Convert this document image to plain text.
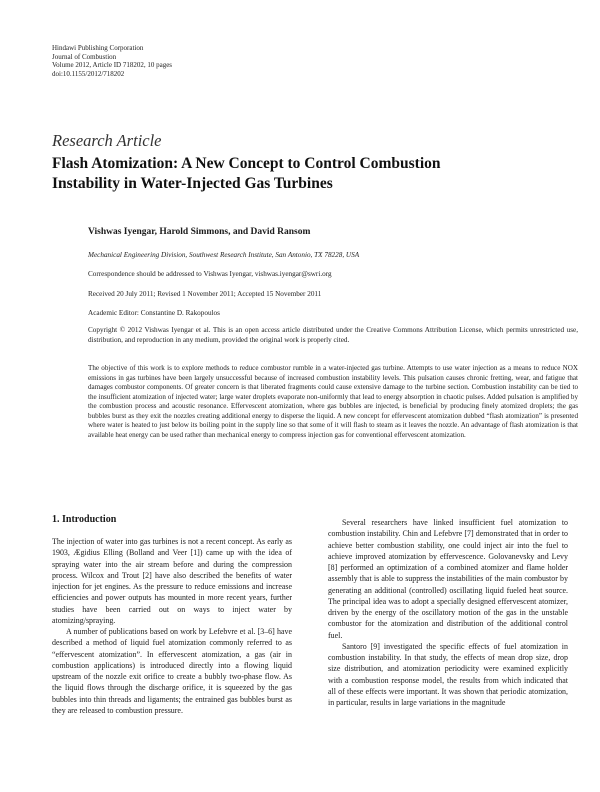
Hindawi Publishing Corporation
Journal of Combustion
Volume 2012, Article ID 718202, 10 pages
doi:10.1155/2012/718202
Research Article
Flash Atomization: A New Concept to Control Combustion
Instability in Water-Injected Gas Turbines
Vishwas Iyengar, Harold Simmons, and David Ransom
Mechanical Engineering Division, Southwest Research Institute, San Antonio, TX 78228, USA
Correspondence should be addressed to Vishwas Iyengar, vishwas.iyengar@swri.org
Received 20 July 2011; Revised 1 November 2011; Accepted 15 November 2011
Academic Editor: Constantine D. Rakopoulos
Copyright © 2012 Vishwas Iyengar et al. This is an open access article distributed under the Creative Commons Attribution License, which permits unrestricted use, distribution, and reproduction in any medium, provided the original work is properly cited.
The objective of this work is to explore methods to reduce combustor rumble in a water-injected gas turbine. Attempts to use water injection as a means to reduce NOX emissions in gas turbines have been largely unsuccessful because of increased combustion instability levels. This pulsation causes chronic fretting, wear, and fatigue that damages combustor components. Of greater concern is that liberated fragments could cause extensive damage to the turbine section. Combustion instability can be tied to the insufficient atomization of injected water; large water droplets evaporate non-uniformly that lead to energy absorption in chaotic pulses. Added pulsation is amplified by the combustion process and acoustic resonance. Effervescent atomization, where gas bubbles are injected, is beneficial by producing finely atomized droplets; the gas bubbles burst as they exit the nozzles creating additional energy to disperse the liquid. A new concept for effervescent atomization dubbed “flash atomization” is presented where water is heated to just below its boiling point in the supply line so that some of it will flash to steam as it leaves the nozzle. An advantage of flash atomization is that available heat energy can be used rather than mechanical energy to compress injection gas for conventional effervescent atomization.
1. Introduction

The injection of water into gas turbines is not a recent concept. As early as 1903, Ægidius Elling (Bolland and Veer [1]) came up with the idea of spraying water into the air stream before and during the compression process. Wilcox and Trout [2] have also described the benefits of water injection for jet engines. As the pressure to reduce emissions and increase efficiencies and power outputs has mounted in more recent years, further studies have been carried out on ways to inject water by atomizing/spraying.

A number of publications based on work by Lefebvre et al. [3–6] have described a method of liquid fuel atomization commonly referred to as “effervescent atomization”. In effervescent atomization, a gas (air in combustion applications) is introduced directly into a flowing liquid upstream of the nozzle exit orifice to create a bubbly two-phase flow. As the liquid flows through the discharge orifice, it is squeezed by the gas bubbles into thin threads and ligaments; the entrained gas bubbles burst as they are released to combustion pressure.

Several researchers have linked insufficient fuel atomization to combustion instability. Chin and Lefebvre [7] demonstrated that in order to achieve better combustion stability, one could inject air into the fuel to achieve improved atomization by effervescence. Golovanevsky and Levy [8] performed an optimization of a combined atomizer and flame holder assembly that is able to suppress the instabilities of the main combustor by generating an additional (controlled) oscillating liquid fueled heat source. The principal idea was to adopt a specially designed effervescent atomizer, driven by the energy of the oscillatory motion of the gas in the unstable combustor for the atomization and distribution of the additional control fuel.

Santoro [9] investigated the specific effects of fuel atomization in combustion instability. In that study, the effects of mean drop size, drop size distribution, and atomization periodicity were examined explicitly with a combustion response model, the results from which indicated that all of these effects were important. It was shown that periodic atomization, in particular, results in large variations in the magnitude
